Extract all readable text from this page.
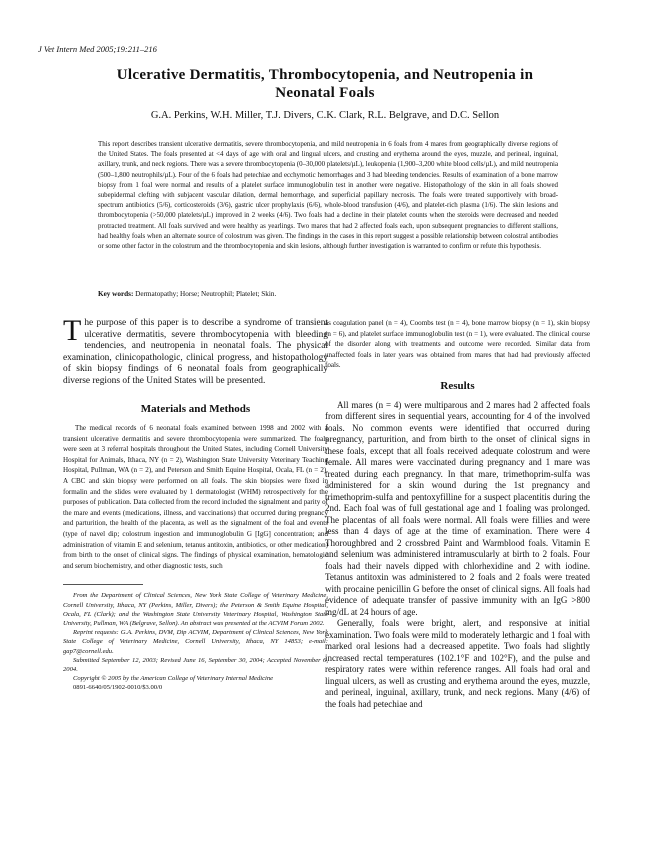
J Vet Intern Med 2005;19:211–216
Ulcerative Dermatitis, Thrombocytopenia, and Neutropenia in
Neonatal Foals
G.A. Perkins, W.H. Miller, T.J. Divers, C.K. Clark, R.L. Belgrave, and D.C. Sellon

This report describes transient ulcerative dermatitis, severe thrombocytopenia, and mild neutropenia in 6 foals from 4 mares from geographically diverse regions of the United States. The foals presented at <4 days of age with oral and lingual ulcers, and crusting and erythema around the eyes, muzzle, and perineal, inguinal, axillary, trunk, and neck regions. There was a severe thrombocytopenia (0–30,000 platelets/µL), leukopenia (1,900–3,200 white blood cells/µL), and mild neutropenia (500–1,800 neutrophils/µL). Four of the 6 foals had petechiae and ecchymotic hemorrhages and 3 had bleeding tendencies. Results of examination of a bone marrow biopsy from 1 foal were normal and results of a platelet surface immunoglobulin test in another were negative. Histopathology of the skin in all foals showed subepidermal clefting with subjacent vascular dilation, dermal hemorrhage, and superficial papillary necrosis. The foals were treated supportively with broad-spectrum antibiotics (5/6), corticosteroids (3/6), gastric ulcer prophylaxis (6/6), whole-blood transfusion (4/6), and platelet-rich plasma (1/6). The skin lesions and thrombocytopenia (>50,000 platelets/µL) improved in 2 weeks (4/6). Two foals had a decline in their platelet counts when the steroids were decreased and needed protracted treatment. All foals survived and were healthy as yearlings. Two mares that had 2 affected foals each, upon subsequent pregnancies to different stallions, had healthy foals when an alternate source of colostrum was given. The findings in the cases in this report suggest a possible relationship between colostral antibodies or some other factor in the colostrum and the thrombocytopenia and skin lesions, although further investigation is warranted to confirm or refute this hypothesis.

Key words: Dermatopathy; Horse; Neutrophil; Platelet; Skin.

The purpose of this paper is to describe a syndrome of transient ulcerative dermatitis, severe thrombocytopenia with bleeding tendencies, and neutropenia in neonatal foals. The physical examination, clinicopathologic, clinical progress, and histopathology of skin biopsy findings of 6 neonatal foals from geographically diverse regions of the United States will be presented.

Materials and Methods

The medical records of 6 neonatal foals examined between 1998 and 2002 with a transient ulcerative dermatitis and severe thrombocytopenia were summarized. The foals were seen at 3 referral hospitals throughout the United States, including Cornell University Hospital for Animals, Ithaca, NY (n = 2), Washington State University Veterinary Teaching Hospital, Pullman, WA (n = 2), and Peterson and Smith Equine Hospital, Ocala, FL (n = 2). A CBC and skin biopsy were performed on all foals. The skin biopsies were fixed in formalin and the slides were evaluated by 1 dermatologist (WHM) retrospectively for the purposes of publication. Data collected from the record included the signalment and parity of the mare and events (medications, illness, and vaccinations) that occurred during pregnancy and parturition, the health of the placenta, as well as the signalment of the foal and events (type of navel dip; colostrum ingestion and immunoglobulin G [IgG] concentration; and administration of vitamin E and selenium, tetanus antitoxin, antibiotics, or other medication) from birth to the onset of clinical signs. The findings of physical examination, hematologic and serum biochemistry, and other diagnostic tests, such

From the Department of Clinical Sciences, New York State College of Veterinary Medicine, Cornell University, Ithaca, NY (Perkins, Miller, Divers); the Peterson & Smith Equine Hospital, Ocala, FL (Clark); and the Washington State University Veterinary Hospital, Washington State University, Pullman, WA (Belgrave, Sellon). An abstract was presented at the ACVIM Forum 2002.

Reprint requests: G.A. Perkins, DVM, Dip ACVIM, Department of Clinical Sciences, New York State College of Veterinary Medicine, Cornell University, Ithaca, NY 14853; e-mail: gap7@cornell.edu.

Submitted September 12, 2003; Revised June 16, September 30, 2004; Accepted November 6, 2004.

Copyright © 2005 by the American College of Veterinary Internal Medicine

0891-6640/05/1902-0010/$3.00/0

as coagulation panel (n = 4), Coombs test (n = 4), bone marrow biopsy (n = 1), skin biopsy (n = 6), and platelet surface immunoglobulin test (n = 1), were evaluated. The clinical course of the disorder along with treatments and outcome were recorded. Similar data from unaffected foals in later years was obtained from mares that had had previously affected foals.

Results

All mares (n = 4) were multiparous and 2 mares had 2 affected foals from different sires in sequential years, accounting for 4 of the involved foals. No common events were identified that occurred during pregnancy, parturition, and from birth to the onset of clinical signs in these foals, except that all foals received adequate colostrum and were female. All mares were vaccinated during pregnancy and 1 mare was treated during each pregnancy. In that mare, trimethoprim-sulfa was administered for a skin wound during the 1st pregnancy and trimethoprim-sulfa and pentoxyfilline for a suspect placentitis during the 2nd. Each foal was of full gestational age and 1 foaling was prolonged. The placentas of all foals were normal. All foals were fillies and were less than 4 days of age at the time of examination. There were 4 Thoroughbred and 2 crossbred Paint and Warmblood foals. Vitamin E and selenium was administered intramuscularly at birth to 2 foals. Four foals had their navels dipped with chlorhexidine and 2 with iodine. Tetanus antitoxin was administered to 2 foals and 2 foals were treated with procaine penicillin G before the onset of clinical signs. All foals had evidence of adequate transfer of passive immunity with an IgG >800 mg/dL at 24 hours of age.

Generally, foals were bright, alert, and responsive at initial examination. Two foals were mild to moderately lethargic and 1 foal with marked oral lesions had a decreased appetite. Two foals had slightly increased rectal temperatures (102.1°F and 102°F), and the pulse and respiratory rates were within reference ranges. All foals had oral and lingual ulcers, as well as crusting and erythema around the eyes, muzzle, and perineal, inguinal, axillary, trunk, and neck regions. Many (4/6) of the foals had petechiae and
